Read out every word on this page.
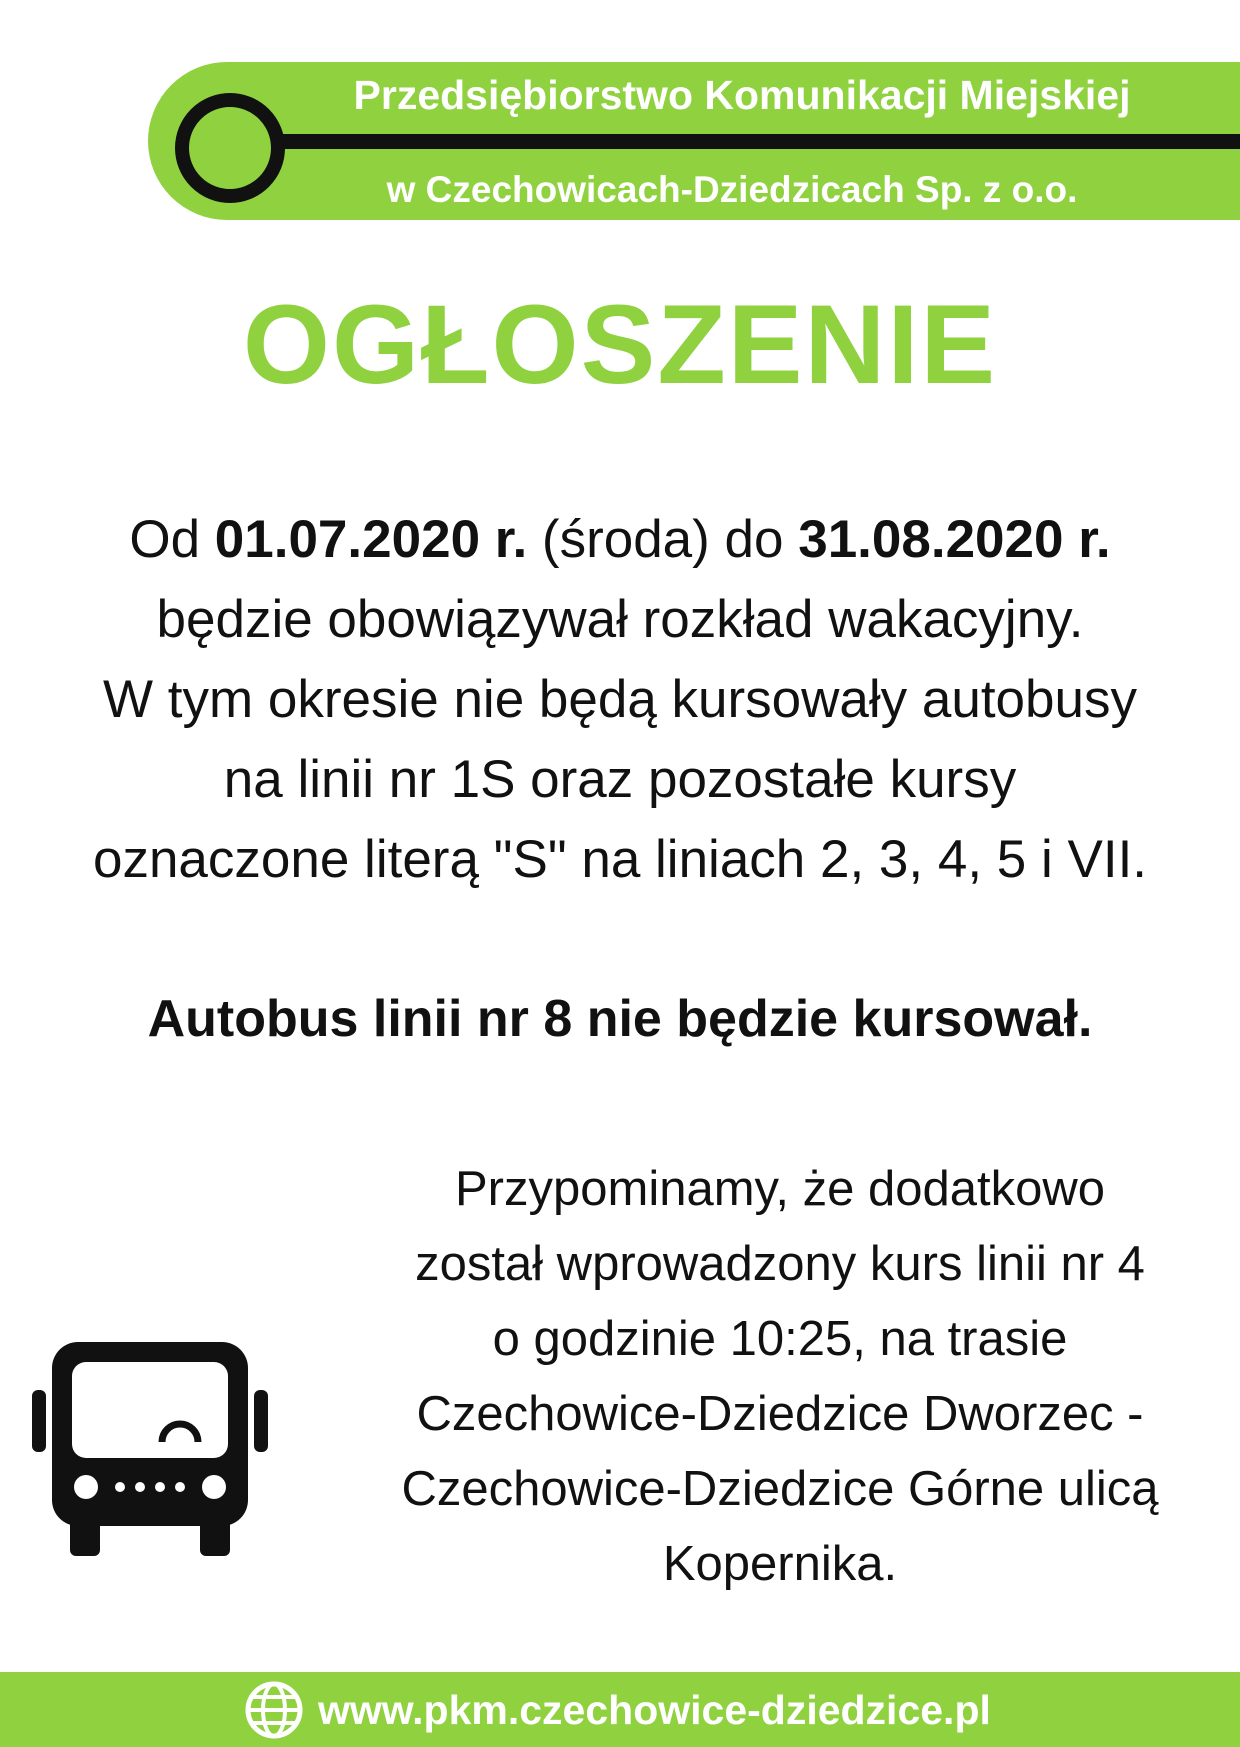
Przedsiębiorstwo Komunikacji Miejskiej
w Czechowicach-Dziedzicach Sp. z o.o.
OGŁOSZENIE
Od 01.07.2020 r. (środa) do 31.08.2020 r.
będzie obowiązywał rozkład wakacyjny.
W tym okresie nie będą kursowały autobusy
na linii nr 1S oraz pozostałe kursy
oznaczone literą "S" na liniach 2, 3, 4, 5 i VII.
Autobus linii nr 8 nie będzie kursował.
Przypominamy, że dodatkowo
został wprowadzony kurs linii nr 4
o godzinie 10:25, na trasie
Czechowice-Dziedzice Dworzec -
Czechowice-Dziedzice Górne ulicą
Kopernika.
www.pkm.czechowice-dziedzice.pl
